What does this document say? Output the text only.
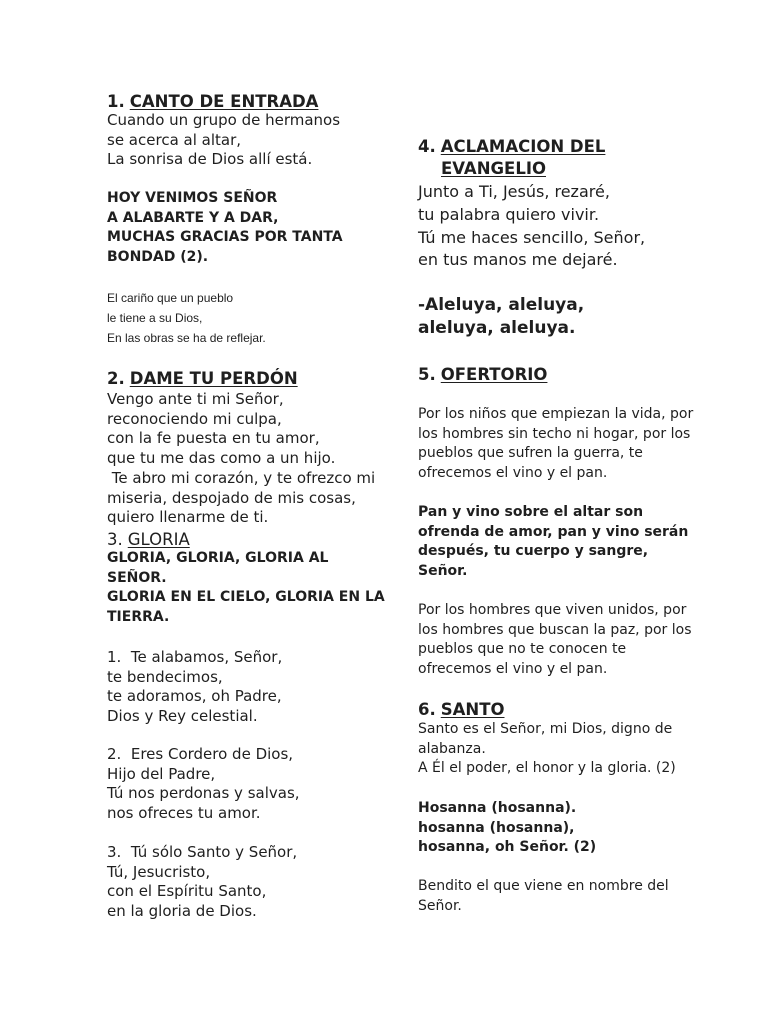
1. CANTO DE ENTRADA
Cuando un grupo de hermanos
se acerca al altar,
La sonrisa de Dios allí está.
HOY VENIMOS SEÑOR
A ALABARTE Y A DAR,
MUCHAS GRACIAS POR TANTA
BONDAD (2).
El cariño que un pueblo
le tiene a su Dios,
En las obras se ha de reflejar.
2. DAME TU PERDÓN
Vengo ante ti mi Señor,
reconociendo mi culpa,
con la fe puesta en tu amor,
que tu me das como a un hijo.
Te abro mi corazón, y te ofrezco mi
miseria, despojado de mis cosas,
quiero llenarme de ti.
3. GLORIA
GLORIA, GLORIA, GLORIA AL
SEÑOR.
GLORIA EN EL CIELO, GLORIA EN LA
TIERRA.
1.  Te alabamos, Señor,
te bendecimos,
te adoramos, oh Padre,
Dios y Rey celestial.
2.  Eres Cordero de Dios,
Hijo del Padre,
Tú nos perdonas y salvas,
nos ofreces tu amor.
3.  Tú sólo Santo y Señor,
Tú, Jesucristo,
con el Espíritu Santo,
en la gloria de Dios.
4. ACLAMACION DEL
EVANGELIO
Junto a Ti, Jesús, rezaré,
tu palabra quiero vivir.
Tú me haces sencillo, Señor,
en tus manos me dejaré.
-Aleluya, aleluya,
aleluya, aleluya.
5. OFERTORIO
Por los niños que empiezan la vida, por
los hombres sin techo ni hogar, por los
pueblos que sufren la guerra, te
ofrecemos el vino y el pan.
Pan y vino sobre el altar son
ofrenda de amor, pan y vino serán
después, tu cuerpo y sangre,
Señor.
Por los hombres que viven unidos, por
los hombres que buscan la paz, por los
pueblos que no te conocen te
ofrecemos el vino y el pan.
6. SANTO
Santo es el Señor, mi Dios, digno de
alabanza.
A Él el poder, el honor y la gloria. (2)
Hosanna (hosanna).
hosanna (hosanna),
hosanna, oh Señor. (2)
Bendito el que viene en nombre del
Señor.
